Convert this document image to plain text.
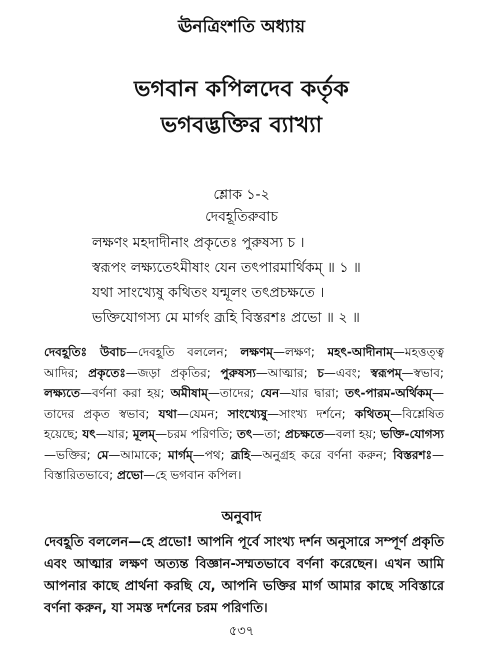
ঊনত্রিংশতি অধ্যায়
ভগবান কপিলদেব কর্তৃক
ভগবদ্ভক্তির ব্যাখ্যা
শ্লোক ১-২
দেবহূতিরুবাচ
লক্ষণং মহদাদীনাং প্রকৃতেঃ পুরুষস্য চ ।
স্বরূপং লক্ষ্যতেঽমীষাং যেন তৎপারমার্থিকম্ ॥ ১ ॥
যথা সাংখ্যেষু কথিতং যন্মূলং তৎপ্রচক্ষতে ।
ভক্তিযোগস্য মে মার্গং ব্রূহি বিস্তরশঃ প্রভো ॥ ২ ॥
দেবহূতিঃ উবাচ—দেবহূতি বললেন; লক্ষণম্—লক্ষণ; মহৎ-আদীনাম্—মহত্তত্ত্ব আদির; প্রকৃতেঃ—জড়া প্রকৃতির; পুরুষস্য—আত্মার; চ—এবং; স্বরূপম্—স্বভাব; লক্ষ্যতে—বর্ণনা করা হয়; অমীষাম্—তাদের; যেন—যার দ্বারা; তৎ-পারম-অর্থিকম্—তাদের প্রকৃত স্বভাব; যথা—যেমন; সাংখ্যেষু—সাংখ্য দর্শনে; কথিতম্—বিশ্লেষিত হয়েছে; যৎ—যার; মূলম্—চরম পরিণতি; তৎ—তা; প্রচক্ষতে—বলা হয়; ভক্তি-যোগস্য—ভক্তির; মে—আমাকে; মার্গম্—পথ; ব্রূহি—অনুগ্রহ করে বর্ণনা করুন; বিস্তরশঃ—বিস্তারিতভাবে; প্রভো—হে ভগবান কপিল।
অনুবাদ
দেবহূতি বললেন—হে প্রভো! আপনি পূর্বে সাংখ্য দর্শন অনুসারে সম্পূর্ণ প্রকৃতি এবং আত্মার লক্ষণ অত্যন্ত বিজ্ঞান-সম্মতভাবে বর্ণনা করেছেন। এখন আমি আপনার কাছে প্রার্থনা করছি যে, আপনি ভক্তির মার্গ আমার কাছে সবিস্তারে বর্ণনা করুন, যা সমস্ত দর্শনের চরম পরিণতি।
৫৩৭
